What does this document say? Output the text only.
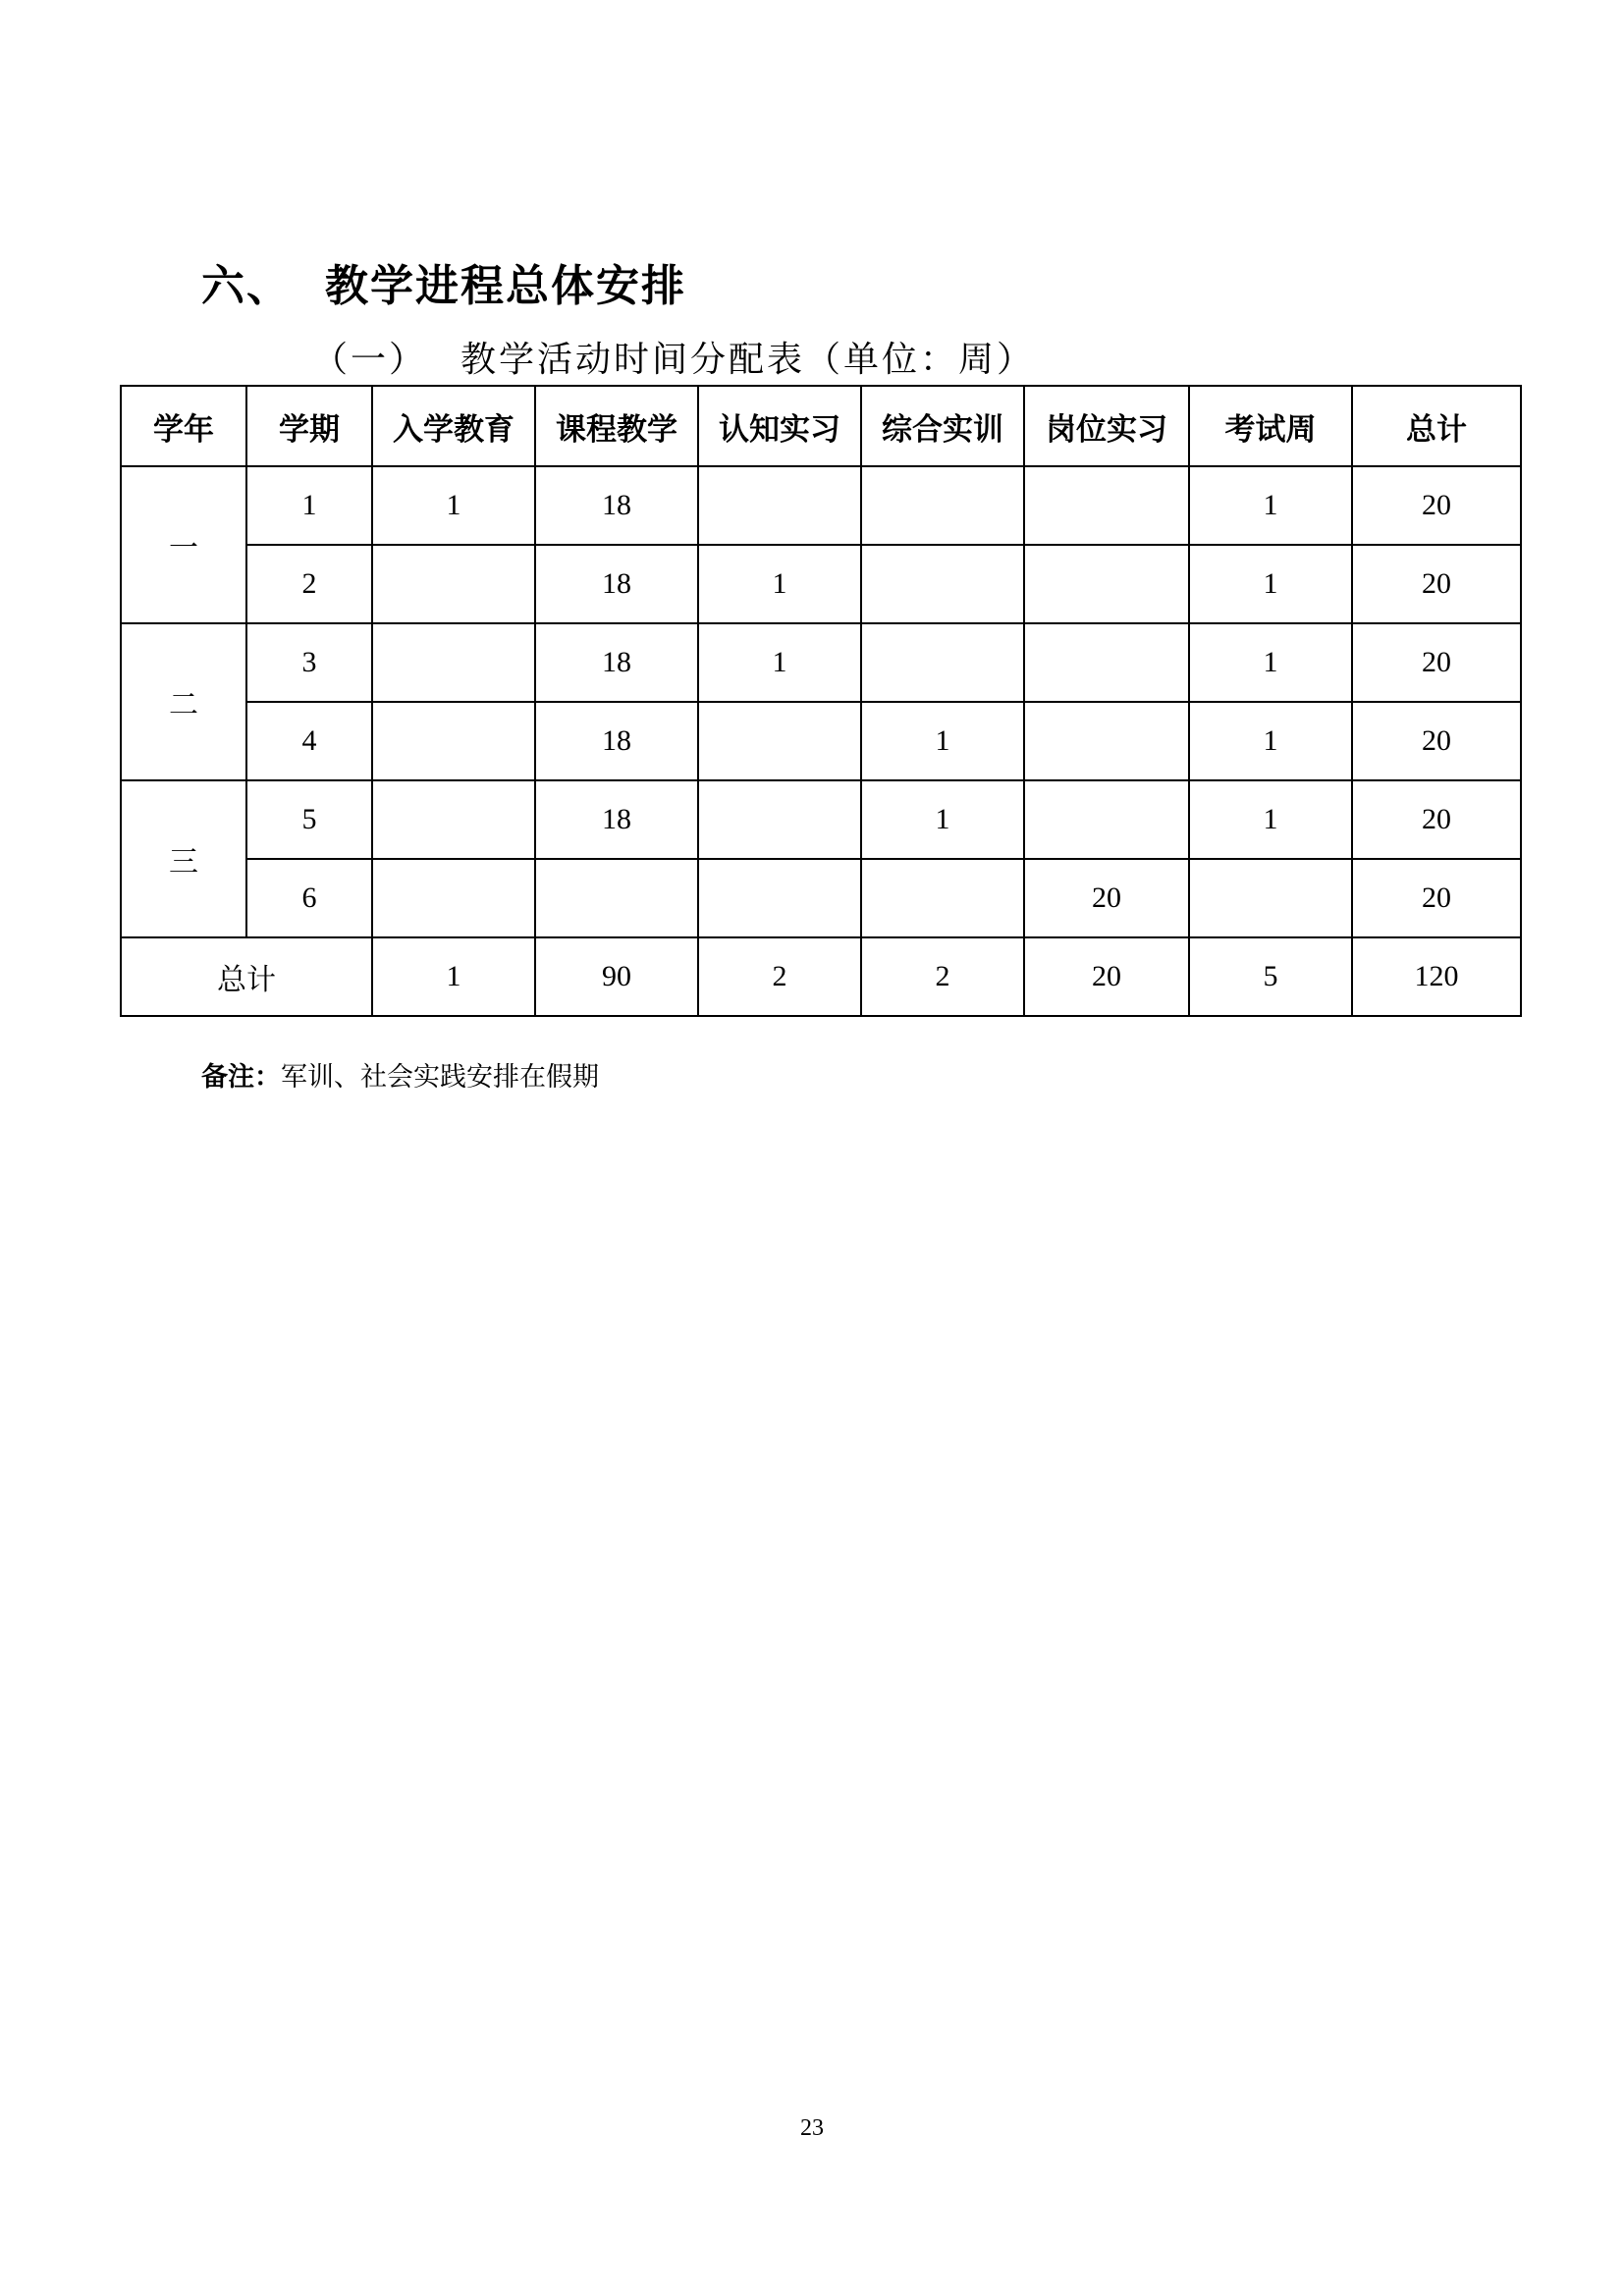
六、 教学进程总体安排
（一） 教学活动时间分配表（单位：周）
学年	学期	入学教育	课程教学	认知实习	综合实训	岗位实习	考试周	总计
一	1	1	18				1	20
	2		18	1			1	20
二	3		18	1			1	20
	4		18		1		1	20
三	5		18		1		1	20
	6					20		20
总计		1	90	2	2	20	5	120
备注：军训、社会实践安排在假期
23
